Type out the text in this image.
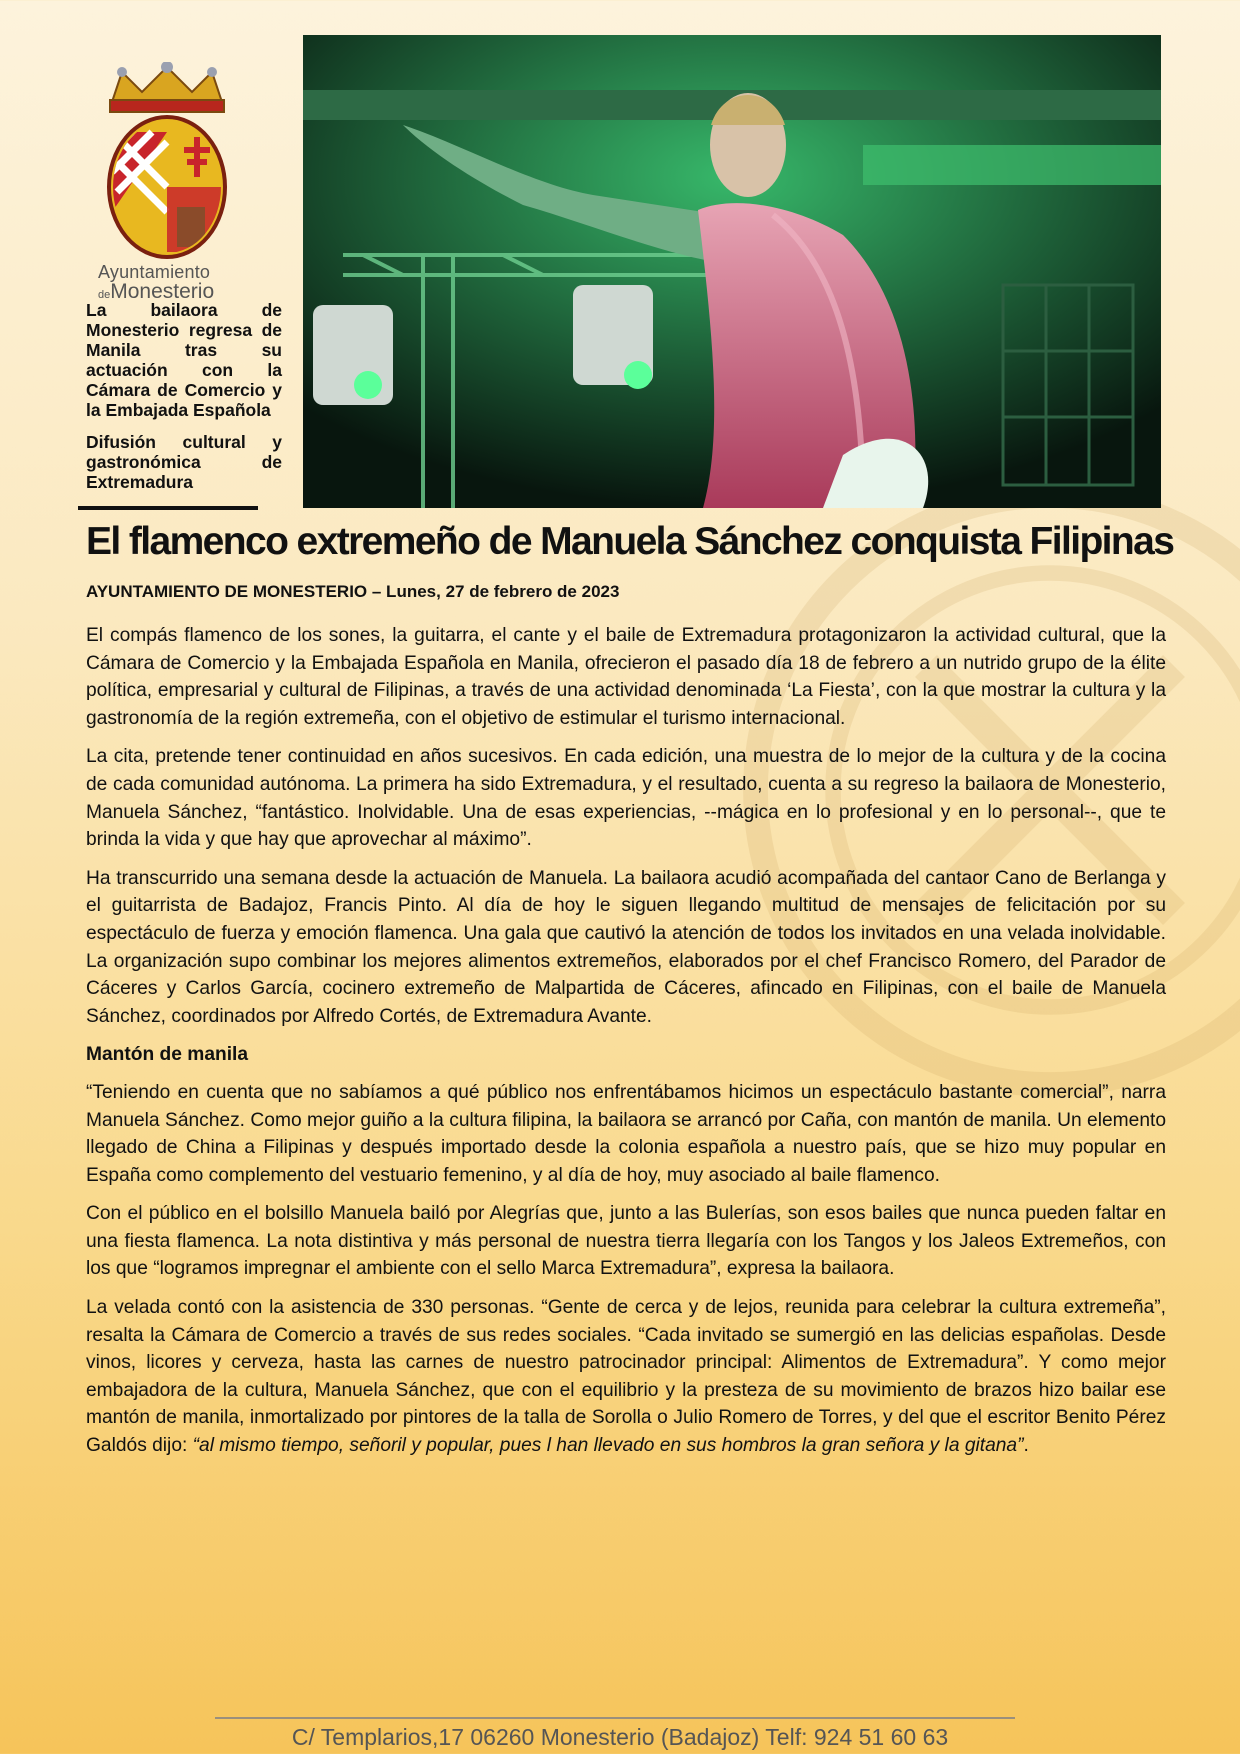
Ayuntamiento
deMonesterio

La bailaora de Monesterio regresa de Manila tras su actuación con la Cámara de Comercio y la Embajada Española

Difusión cultural y gastronómica de Extremadura

El flamenco extremeño de Manuela Sánchez conquista Filipinas
AYUNTAMIENTO DE MONESTERIO – Lunes, 27 de febrero de 2023

El compás flamenco de los sones, la guitarra, el cante y el baile de Extremadura protagonizaron la actividad cultural, que la Cámara de Comercio y la Embajada Española en Manila, ofrecieron el pasado día 18 de febrero a un nutrido grupo de la élite política, empresarial y cultural de Filipinas, a través de una actividad denominada ‘La Fiesta’, con la que mostrar la cultura y la gastronomía de la región extremeña, con el objetivo de estimular el turismo internacional.

La cita, pretende tener continuidad en años sucesivos. En cada edición, una muestra de lo mejor de la cultura y de la cocina de cada comunidad autónoma. La primera ha sido Extremadura, y el resultado, cuenta a su regreso la bailaora de Monesterio, Manuela Sánchez, “fantástico. Inolvidable. Una de esas experiencias, --mágica en lo profesional y en lo personal--, que te brinda la vida y que hay que aprovechar al máximo”.

Ha transcurrido una semana desde la actuación de Manuela. La bailaora acudió acompañada del cantaor Cano de Berlanga y el guitarrista de Badajoz, Francis Pinto. Al día de hoy le siguen llegando multitud de mensajes de felicitación por su espectáculo de fuerza y emoción flamenca. Una gala que cautivó la atención de todos los invitados en una velada inolvidable. La organización supo combinar los mejores alimentos extremeños, elaborados por el chef Francisco Romero, del Parador de Cáceres y Carlos García, cocinero extremeño de Malpartida de Cáceres, afincado en Filipinas, con el baile de Manuela Sánchez, coordinados por Alfredo Cortés, de Extremadura Avante.

Mantón de manila

“Teniendo en cuenta que no sabíamos a qué público nos enfrentábamos hicimos un espectáculo bastante comercial”, narra Manuela Sánchez. Como mejor guiño a la cultura filipina, la bailaora se arrancó por Caña, con mantón de manila. Un elemento llegado de China a Filipinas y después importado desde la colonia española a nuestro país, que se hizo muy popular en España como complemento del vestuario femenino, y al día de hoy, muy asociado al baile flamenco.

Con el público en el bolsillo Manuela bailó por Alegrías que, junto a las Bulerías, son esos bailes que nunca pueden faltar en una fiesta flamenca. La nota distintiva y más personal de nuestra tierra llegaría con los Tangos y los Jaleos Extremeños, con los que “logramos impregnar el ambiente con el sello Marca Extremadura”, expresa la bailaora.

La velada contó con la asistencia de 330 personas. “Gente de cerca y de lejos, reunida para celebrar la cultura extremeña”, resalta la Cámara de Comercio a través de sus redes sociales. “Cada invitado se sumergió en las delicias españolas. Desde vinos, licores y cerveza, hasta las carnes de nuestro patrocinador principal: Alimentos de Extremadura”. Y como mejor embajadora de la cultura, Manuela Sánchez, que con el equilibrio y la presteza de su movimiento de brazos hizo bailar ese mantón de manila, inmortalizado por pintores de la talla de Sorolla o Julio Romero de Torres, y del que el escritor Benito Pérez Galdós dijo: “al mismo tiempo, señoril y popular, pues l han llevado en sus hombros la gran señora y la gitana”.

C/ Templarios,17 06260 Monesterio (Badajoz) Telf: 924 51 60 63
